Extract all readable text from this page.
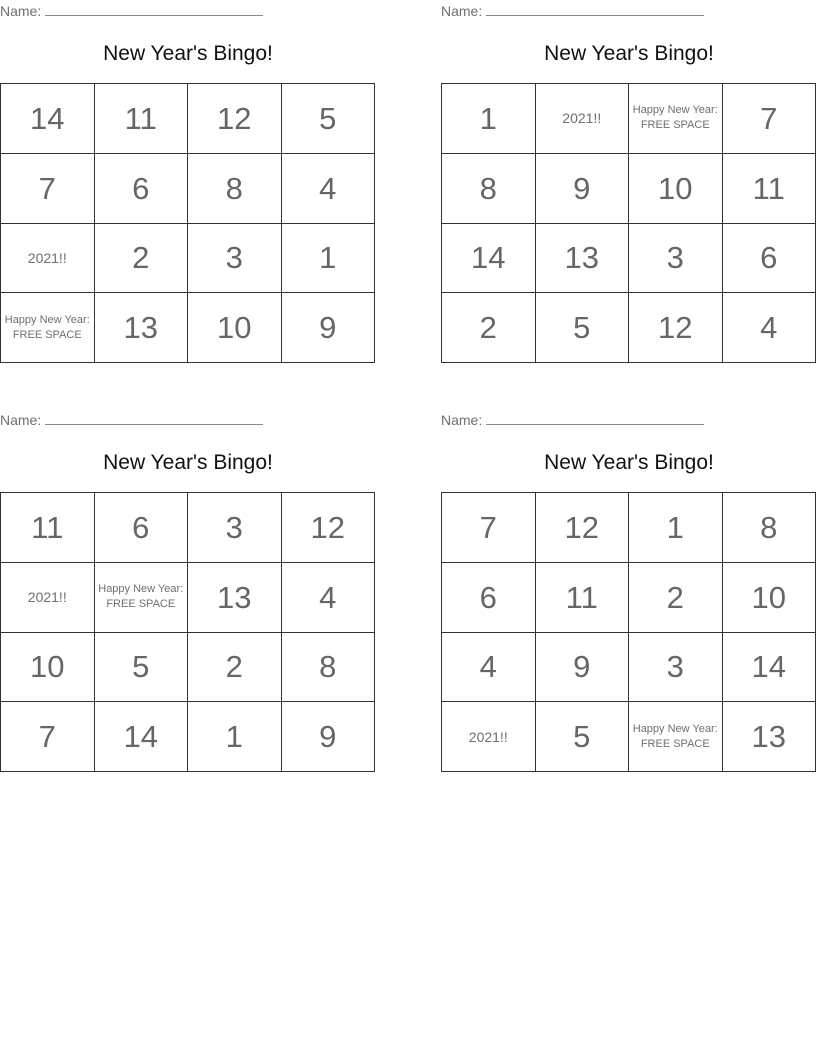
Name:
New Year's Bingo!
14	11	12	5
7	6	8	4
2021!!	2	3	1
Happy New Year:
FREE SPACE	13	10	9
Name:
New Year's Bingo!
1	2021!!	Happy New Year:
FREE SPACE	7
8	9	10	11
14	13	3	6
2	5	12	4
Name:
New Year's Bingo!
11	6	3	12
2021!!	Happy New Year:
FREE SPACE	13	4
10	5	2	8
7	14	1	9
Name:
New Year's Bingo!
7	12	1	8
6	11	2	10
4	9	3	14
2021!!	5	Happy New Year:
FREE SPACE	13
